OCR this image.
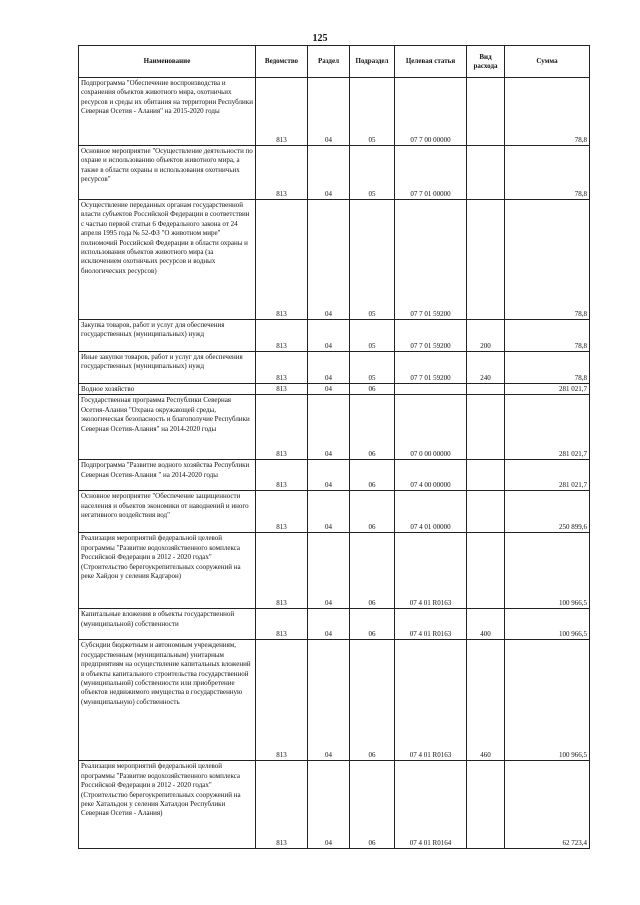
125
Наименование	Ведомство	Раздел	Подраздел	Целевая статья	Вид расхода	Сумма

Подпрограмма "Обеспечение воспроизводства и сохранения объектов животного мира, охотничьих ресурсов и среды их обитания на территории Республики Северная Осетия - Алания" на 2015-2020 годы	813	04	05	07 7 00 00000		78,8

Основное мероприятие "Осуществление деятельности по охране и использованию объектов животного мира, а также в области охраны и использования охотничьих ресурсов"	813	04	05	07 7 01 00000		78,8

Осуществление переданных органам государственной власти субъектов Российской Федерации в соответствии с частью первой статьи 6 Федерального закона от 24 апреля 1995 года № 52-ФЗ "О животном мире" полномочий Российской Федерации в области охраны и использования объектов животного мира (за исключением охотничьих ресурсов и водных биологических ресурсов)	813	04	05	07 7 01 59200		78,8

Закупка товаров, работ и услуг для обеспечения государственных (муниципальных) нужд	813	04	05	07 7 01 59200	200	78,8

Иные закупки товаров, работ и услуг для обеспечения государственных (муниципальных) нужд	813	04	05	07 7 01 59200	240	78,8

Водное хозяйство	813	04	06			281 021,7

Государственная программа Республики Северная Осетия-Алания "Охрана окружающей среды, экологическая безопасность и благополучие Республики Северная Осетия-Алания" на 2014-2020 годы	813	04	06	07 0 00 00000		281 021,7

Подпрограмма "Развитие водного хозяйства Республики Северная Осетия-Алания " на 2014-2020 годы	813	04	06	07 4 00 00000		281 021,7

Основное мероприятие "Обеспечение защищенности населения и объектов экономики от наводнений и иного негативного воздействия вод"	813	04	06	07 4 01 00000		250 899,6

Реализация мероприятий федеральной целевой программы "Развитие водохозяйственного комплекса Российской Федерации в 2012 - 2020 годах" (Строительство берегоукрепительных сооружений на реке Хайдон у селения Кадгарон)	813	04	06	07 4 01 R0163		100 966,5

Капитальные вложения в объекты государственной (муниципальной) собственности	813	04	06	07 4 01 R0163	400	100 966,5

Субсидии бюджетным и автономным учреждениям, государственным (муниципальным) унитарным предприятиям на осуществление капитальных вложений в объекты капитального строительства государственной (муниципальной) собственности или приобретение объектов недвижимого имущества в государственную (муниципальную) собственность	813	04	06	07 4 01 R0163	460	100 966,5

Реализация мероприятий федеральной целевой программы "Развитие водохозяйственного комплекса Российской Федерации в 2012 - 2020 годах" (Строительство берегоукрепительных сооружений на реке Хатальдон у селения Хаталдон Республики Северная Осетия - Алания)	813	04	06	07 4 01 R0164		62 723,4
